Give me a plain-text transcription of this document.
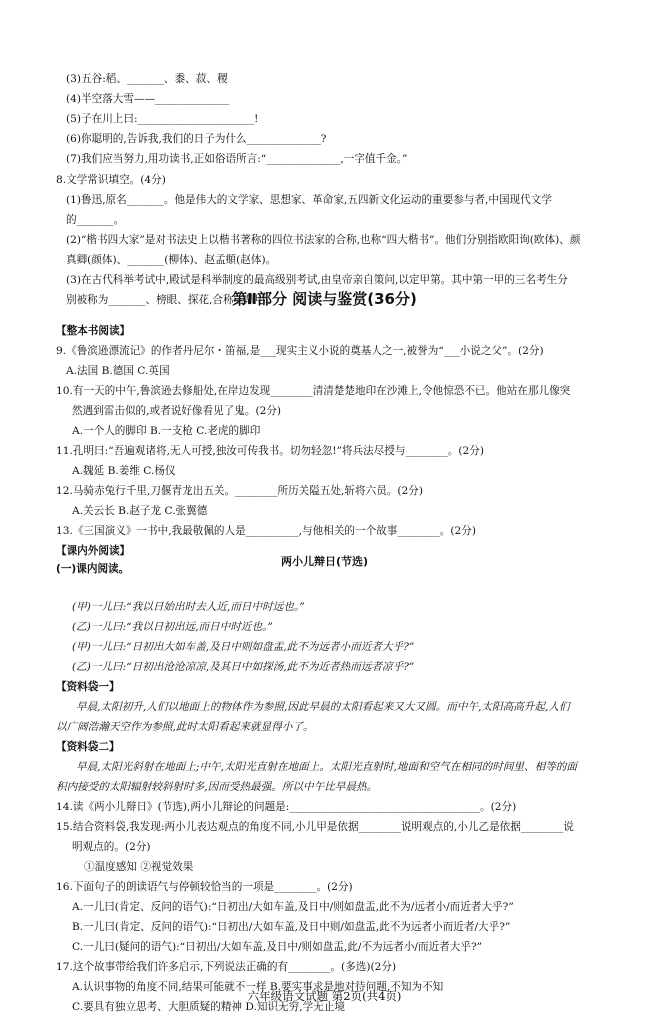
第Ⅱ部分 阅读与鉴赏(36分)
两小儿辩日(节选)
(3)五谷:稻、_______、黍、菽、稷
(4)半空落大雪——______________
(5)子在川上曰:______________________!
(6)你聪明的,告诉我,我们的日子为什么______________?
(7)我们应当努力,用功读书,正如俗语所言:“______________,一字值千金。”
8.文学常识填空。(4分)
(1)鲁迅,原名_______。他是伟大的文学家、思想家、革命家,五四新文化运动的重要参与者,中国现代文学
的_______。
(2)“楷书四大家”是对书法史上以楷书著称的四位书法家的合称,也称“四大楷书”。他们分别指欧阳询(欧体)、颜
真卿(颜体)、_______(柳体)、赵孟頫(赵体)。
(3)在古代科举考试中,殿试是科举制度的最高级别考试,由皇帝亲自策问,以定甲第。其中第一甲的三名考生分
别被称为_______、榜眼、探花,合称三鼎甲。
【整本书阅读】
9.《鲁滨逊漂流记》的作者丹尼尔・笛福,是___现实主义小说的奠基人之一,被誉为“___小说之父”。(2分)
A.法国 B.德国 C.英国
10.有一天的中午,鲁滨逊去修船处,在岸边发现________清清楚楚地印在沙滩上,令他惊恐不已。他站在那儿像突
然遇到雷击似的,或者说好像看见了鬼。(2分)
A.一个人的脚印 B.一支枪 C.老虎的脚印
11.孔明曰:“吾遍观诸将,无人可授,独汝可传我书。切勿轻忽!”将兵法尽授与________。(2分)
A.魏延 B.姜维 C.杨仪
12.马骑赤兔行千里,刀偃青龙出五关。________所历关隘五处,斩将六员。(2分)
A.关云长 B.赵子龙 C.张翼德
13.《三国演义》一书中,我最敬佩的人是__________,与他相关的一个故事________。(2分)
【课内外阅读】
(一)课内阅读。
(甲)一儿曰:“我以日始出时去人近,而日中时远也。”
(乙)一儿曰:“我以日初出远,而日中时近也。”
(甲)一儿曰:“日初出大如车盖,及日中则如盘盂,此不为远者小而近者大乎?”
(乙)一儿曰:“日初出沧沧凉凉,及其日中如探汤,此不为近者热而远者凉乎?”
【资料袋一】
早晨,太阳初升,人们以地面上的物体作为参照,因此早晨的太阳看起来又大又圆。而中午,太阳高高升起,人们
以广阔浩瀚天空作为参照,此时太阳看起来就显得小了。
【资料袋二】
早晨,太阳光斜射在地面上;中午,太阳光直射在地面上。太阳光直射时,地面和空气在相同的时间里、相等的面
积内接受的太阳辐射较斜射时多,因而受热最强。所以中午比早晨热。
14.读《两小儿辩日》(节选),两小儿辩论的问题是:____________________________________。(2分)
15.结合资料袋,我发现:两小儿表达观点的角度不同,小儿甲是依据________说明观点的,小儿乙是依据________说
明观点的。(2分)
①温度感知 ②视觉效果
16.下面句子的朗读语气与停顿较恰当的一项是________。(2分)
A.一儿曰(肯定、反问的语气):“日初出/大如车盖,及日中/则如盘盂,此不为/远者小/而近者大乎?”
B.一儿曰(肯定、反问的语气):“日初出/大如车盖,及日中则/如盘盂,此不为远者小而近者/大乎?”
C.一儿曰(疑问的语气):“日初出/大如车盖,及日中/则如盘盂,此/不为远者小/而近者大乎?”
17.这个故事带给我们许多启示,下列说法正确的有________。(多选)(2分)
A.认识事物的角度不同,结果可能就不一样 B.要实事求是地对待问题,不知为不知
C.要具有独立思考、大胆质疑的精神 D.知识无穷,学无止境
六年级语文试题 第2页(共4页)
